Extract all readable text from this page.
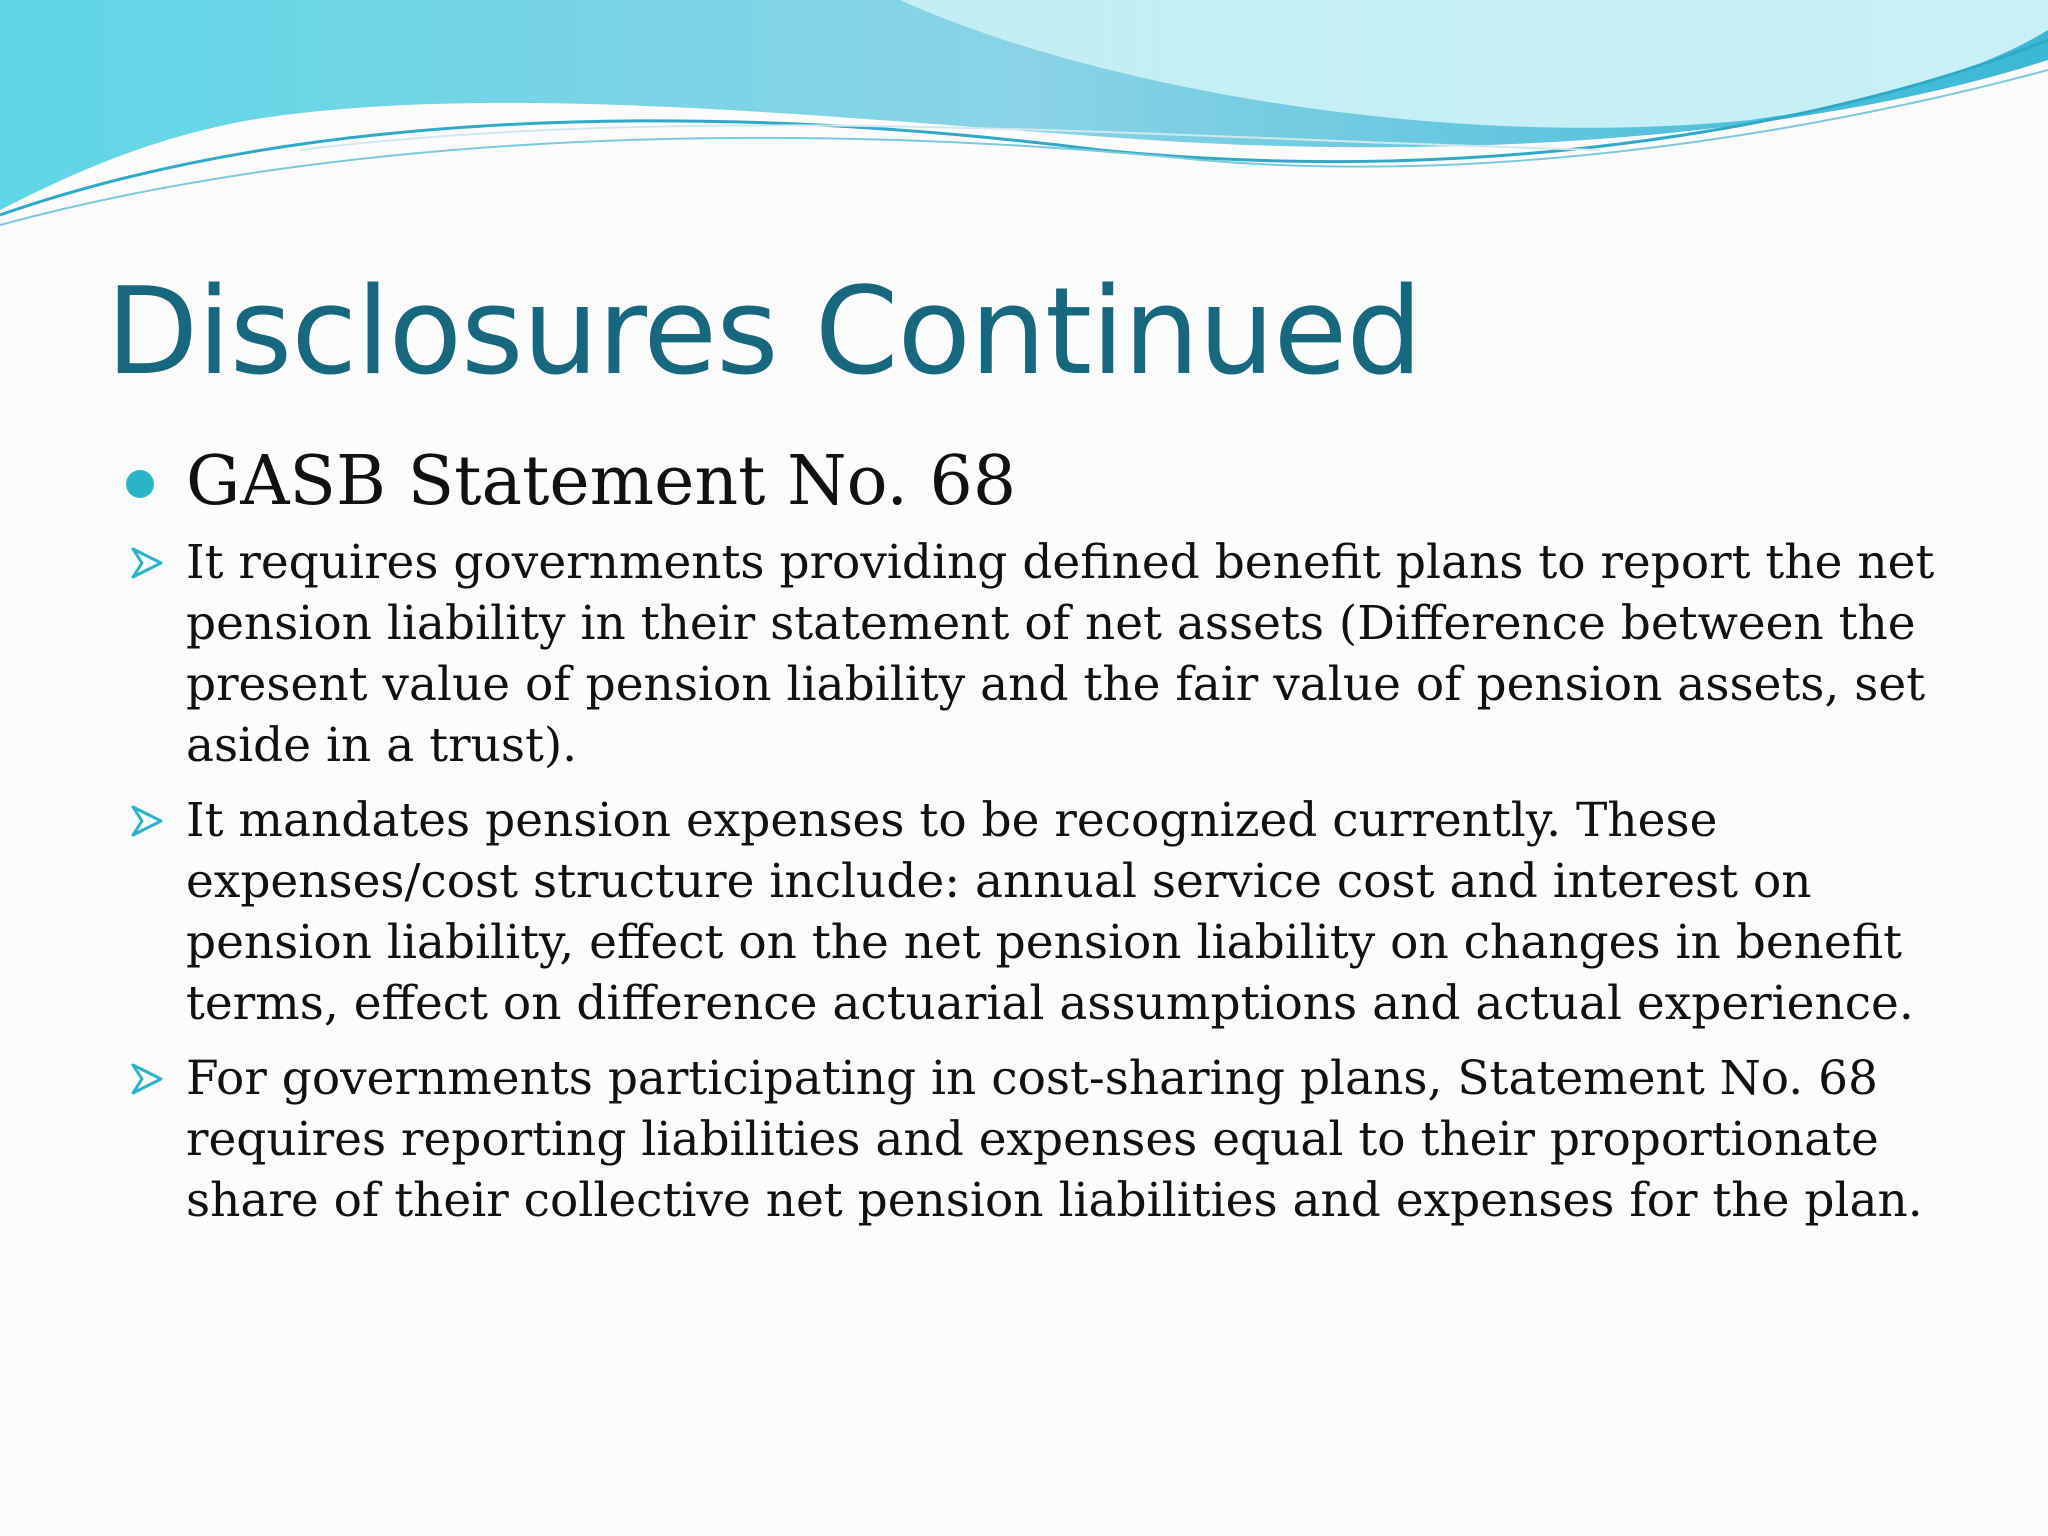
Disclosures Continued
GASB Statement No. 68
It requires governments providing defined benefit plans to report the net pension liability in their statement of net assets (Difference between the present value of pension liability and the fair value of pension assets, set aside in a trust).
It mandates pension expenses to be recognized currently. These expenses/cost structure include: annual service cost and interest on pension liability, effect on the net pension liability on changes in benefit terms, effect on difference actuarial assumptions and actual experience.
For governments participating in cost-sharing plans, Statement No. 68 requires reporting liabilities and expenses equal to their proportionate share of their collective net pension liabilities and expenses for the plan.
